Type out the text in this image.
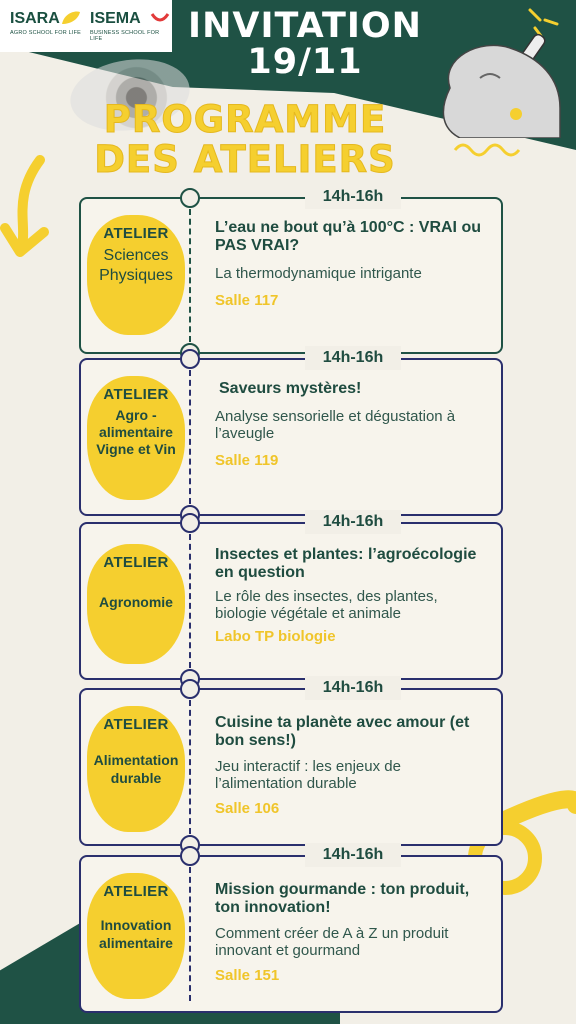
ISARA
AGRO SCHOOL FOR LIFE
ISEMA
BUSINESS SCHOOL FOR LIFE	INVITATION
19/11
PROGRAMME
DES ATELIERS
14h-16h
ATELIER
Sciences Physiques
L’eau ne bout qu’à 100°C : VRAI ou PAS VRAI?
La thermodynamique intrigante
Salle 117
14h-16h
ATELIER
Agro - alimentaire Vigne et Vin
Saveurs mystères!
Analyse sensorielle et dégustation à l’aveugle
Salle 119
14h-16h
ATELIER
Agronomie
Insectes et plantes: l’agroécologie en question
Le rôle des insectes, des plantes, biologie végétale et animale
Labo TP biologie
14h-16h
ATELIER
Alimentation durable
Cuisine ta planète avec amour (et bon sens!)
Jeu interactif : les enjeux de l’alimentation durable
Salle 106
14h-16h
ATELIER
Innovation alimentaire
Mission gourmande : ton produit, ton innovation!
Comment créer de A à Z un produit innovant et gourmand
Salle 151
